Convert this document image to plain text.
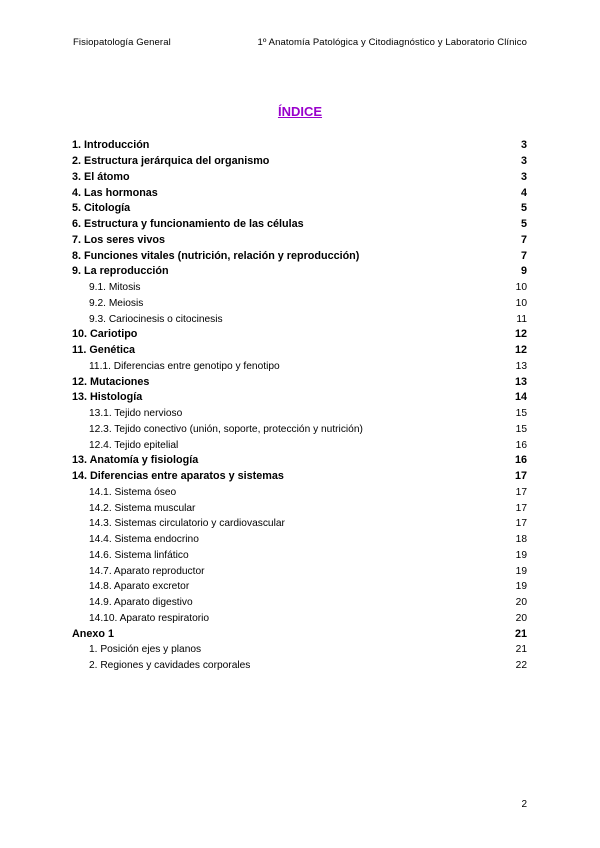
Fisiopatología General	1º Anatomía Patológica y Citodiagnóstico y Laboratorio Clínico
ÍNDICE
1. Introducción	3
2. Estructura jerárquica del organismo	3
3. El átomo	3
4. Las hormonas	4
5. Citología	5
6. Estructura y funcionamiento de las células	5
7. Los seres vivos	7
8. Funciones vitales (nutrición, relación y reproducción)	7
9. La reproducción	9
9.1. Mitosis	10
9.2. Meiosis	10
9.3. Cariocinesis o citocinesis	11
10. Cariotipo	12
11. Genética	12
11.1. Diferencias entre genotipo y fenotipo	13
12. Mutaciones	13
13. Histología	14
13.1. Tejido nervioso	15
12.3. Tejido conectivo (unión, soporte, protección y nutrición)	15
12.4. Tejido epitelial	16
13. Anatomía y fisiología	16
14. Diferencias entre aparatos y sistemas	17
14.1. Sistema óseo	17
14.2. Sistema muscular	17
14.3. Sistemas circulatorio y cardiovascular	17
14.4. Sistema endocrino	18
14.6. Sistema linfático	19
14.7. Aparato reproductor	19
14.8. Aparato excretor	19
14.9. Aparato digestivo	20
14.10. Aparato respiratorio	20
Anexo 1	21
1. Posición ejes y planos	21
2. Regiones y cavidades corporales	22
2
